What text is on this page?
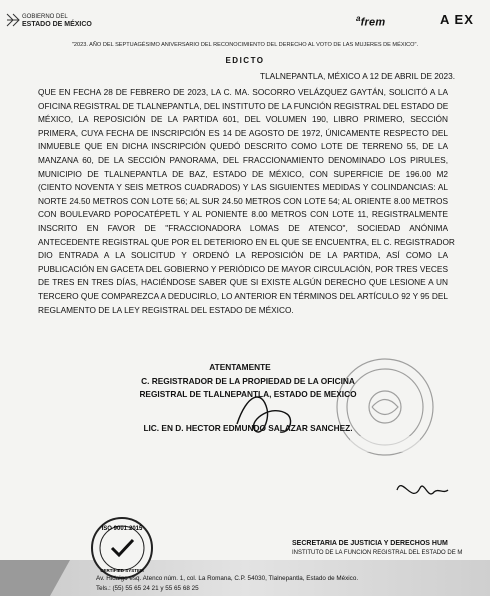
GOBIERNO DEL
ESTADO DE MÉXICO
$^a$frem	A EX
"2023. AÑO DEL SEPTUAGÉSIMO ANIVERSARIO DEL RECONOCIMIENTO DEL DERECHO AL VOTO DE LAS MUJERES DE MÉXICO".
EDICTO
TLALNEPANTLA, MÉXICO A 12 DE ABRIL DE 2023.
QUE EN FECHA 28 DE FEBRERO DE 2023, LA C. MA. SOCORRO VELÁZQUEZ GAYTÁN, SOLICITÓ A LA
OFICINA REGISTRAL DE TLALNEPANTLA, DEL INSTITUTO DE LA FUNCIÓN REGISTRAL DEL ESTADO DE
MÉXICO, LA REPOSICIÓN DE LA PARTIDA 601, DEL VOLUMEN 190, LIBRO PRIMERO, SECCIÓN
PRIMERA, CUYA FECHA DE INSCRIPCIÓN ES 14 DE AGOSTO DE 1972, ÚNICAMENTE RESPECTO DEL
INMUEBLE QUE EN DICHA INSCRIPCIÓN QUEDÓ DESCRITO COMO LOTE DE TERRENO 55, DE LA
MANZANA 60, DE LA SECCIÓN PANORAMA, DEL FRACCIONAMIENTO DENOMINADO LOS PIRULES,
MUNICIPIO DE TLALNEPANTLA DE BAZ, ESTADO DE MÉXICO, CON SUPERFICIE DE 196.00 M2
(CIENTO NOVENTA Y SEIS METROS CUADRADOS) Y LAS SIGUIENTES MEDIDAS Y COLINDANCIAS: AL
NORTE 24.50 METROS CON LOTE 56; AL SUR 24.50 METROS CON LOTE 54; AL ORIENTE 8.00 METROS
CON BOULEVARD POPOCATÉPETL Y AL PONIENTE 8.00 METROS CON LOTE 11, REGISTRALMENTE
INSCRITO EN FAVOR DE "FRACCIONADORA LOMAS DE ATENCO", SOCIEDAD ANÓNIMA
ANTECEDENTE REGISTRAL QUE POR EL DETERIORO EN EL QUE SE ENCUENTRA, EL C. REGISTRADOR
DIO ENTRADA A LA SOLICITUD Y ORDENÓ LA REPOSICIÓN DE LA PARTIDA, ASÍ COMO LA
PUBLICACIÓN EN GACETA DEL GOBIERNO Y PERIÓDICO DE MAYOR CIRCULACIÓN, POR TRES VECES
DE TRES EN TRES DÍAS, HACIÉNDOSE SABER QUE SI EXISTE ALGÚN DERECHO QUE LESIONE A UN
TERCERO QUE COMPAREZCA A DEDUCIRLO, LO ANTERIOR EN TÉRMINOS DEL ARTÍCULO 92 Y 95 DEL
REGLAMENTO DE LA LEY REGISTRAL DEL ESTADO DE MÉXICO.
ATENTAMENTE
C. REGISTRADOR DE LA PROPIEDAD DE LA OFICINA
REGISTRAL DE TLALNEPANTLA, ESTADO DE MEXICO
LIC. EN D. HECTOR EDMUNDO SALAZAR SANCHEZ.
ISO 9001:2015
CERTIFIED SYSTEM
SECRETARIA DE JUSTICIA Y DERECHOS HUM
INSTITUTO DE LA FUNCION REGISTRAL DEL ESTADO DE M
Av. Hidalgo esq. Atenco núm. 1, col. La Romana, C.P. 54030, Tlalnepantla, Estado de México.
Tels.: (55) 55 65 24 21 y 55 65 68 25
